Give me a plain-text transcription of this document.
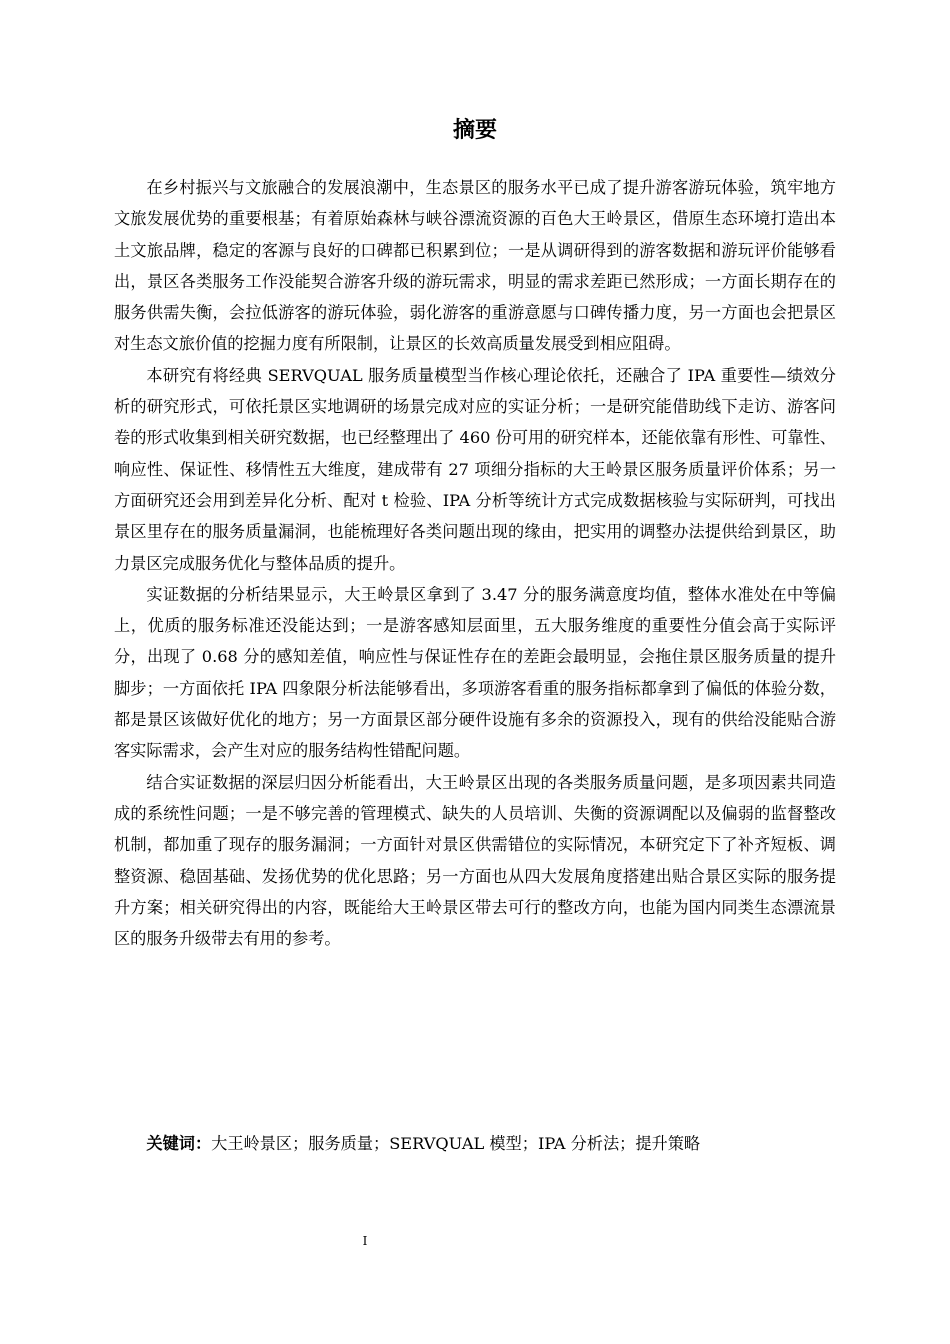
摘要

在乡村振兴与文旅融合的发展浪潮中，生态景区的服务水平已成了提升游客游玩体验，筑牢地方文旅发展优势的重要根基；有着原始森林与峡谷漂流资源的百色大王岭景区，借原生态环境打造出本土文旅品牌，稳定的客源与良好的口碑都已积累到位；一是从调研得到的游客数据和游玩评价能够看出，景区各类服务工作没能契合游客升级的游玩需求，明显的需求差距已然形成；一方面长期存在的服务供需失衡，会拉低游客的游玩体验，弱化游客的重游意愿与口碑传播力度，另一方面也会把景区对生态文旅价值的挖掘力度有所限制，让景区的长效高质量发展受到相应阻碍。

本研究有将经典 SERVQUAL 服务质量模型当作核心理论依托，还融合了 IPA 重要性—绩效分析的研究形式，可依托景区实地调研的场景完成对应的实证分析；一是研究能借助线下走访、游客问卷的形式收集到相关研究数据，也已经整理出了 460 份可用的研究样本，还能依靠有形性、可靠性、响应性、保证性、移情性五大维度，建成带有 27 项细分指标的大王岭景区服务质量评价体系；另一方面研究还会用到差异化分析、配对 t 检验、IPA 分析等统计方式完成数据核验与实际研判，可找出景区里存在的服务质量漏洞，也能梳理好各类问题出现的缘由，把实用的调整办法提供给到景区，助力景区完成服务优化与整体品质的提升。

实证数据的分析结果显示，大王岭景区拿到了 3.47 分的服务满意度均值，整体水准处在中等偏上，优质的服务标准还没能达到；一是游客感知层面里，五大服务维度的重要性分值会高于实际评分，出现了 0.68 分的感知差值，响应性与保证性存在的差距会最明显，会拖住景区服务质量的提升脚步；一方面依托 IPA 四象限分析法能够看出，多项游客看重的服务指标都拿到了偏低的体验分数，都是景区该做好优化的地方；另一方面景区部分硬件设施有多余的资源投入，现有的供给没能贴合游客实际需求，会产生对应的服务结构性错配问题。

结合实证数据的深层归因分析能看出，大王岭景区出现的各类服务质量问题，是多项因素共同造成的系统性问题；一是不够完善的管理模式、缺失的人员培训、失衡的资源调配以及偏弱的监督整改机制，都加重了现存的服务漏洞；一方面针对景区供需错位的实际情况，本研究定下了补齐短板、调整资源、稳固基础、发扬优势的优化思路；另一方面也从四大发展角度搭建出贴合景区实际的服务提升方案；相关研究得出的内容，既能给大王岭景区带去可行的整改方向，也能为国内同类生态漂流景区的服务升级带去有用的参考。

关键词：大王岭景区；服务质量；SERVQUAL 模型；IPA 分析法；提升策略

I
